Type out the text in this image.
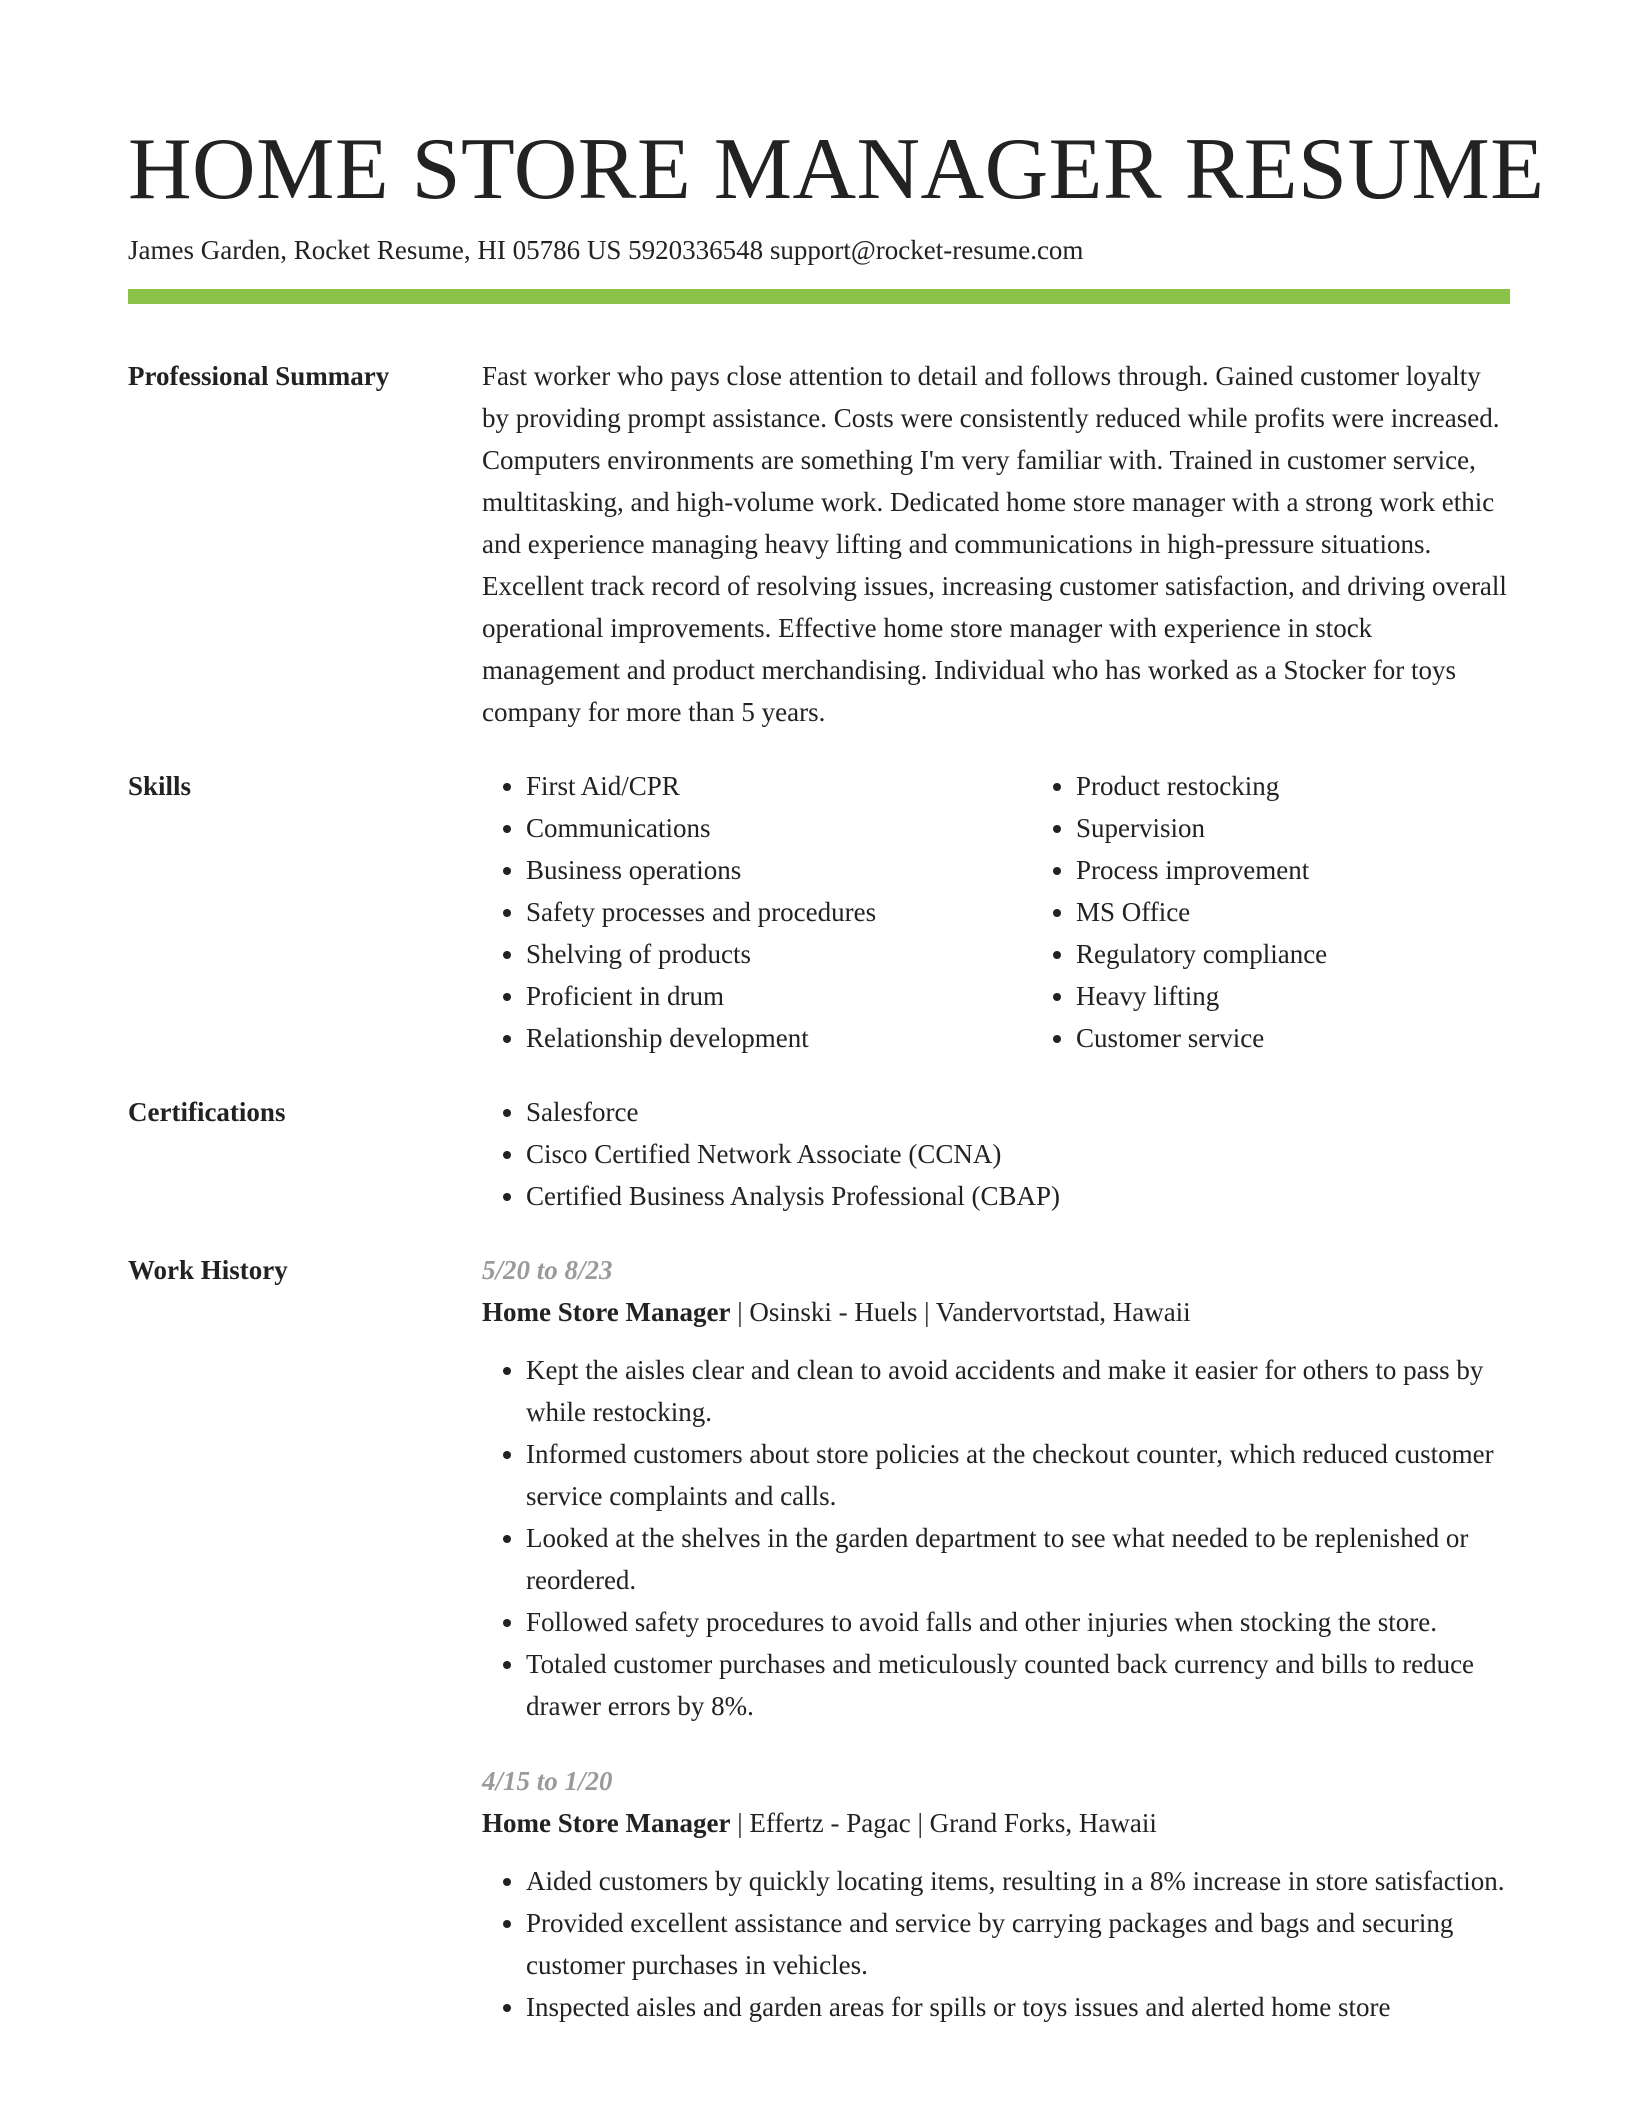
HOME STORE MANAGER RESUME
James Garden, Rocket Resume, HI 05786 US 5920336548 support@rocket-resume.com
Professional Summary	Fast worker who pays close attention to detail and follows through. Gained customer loyalty by providing prompt assistance. Costs were consistently reduced while profits were increased. Computers environments are something I'm very familiar with. Trained in customer service, multitasking, and high-volume work. Dedicated home store manager with a strong work ethic and experience managing heavy lifting and communications in high-pressure situations. Excellent track record of resolving issues, increasing customer satisfaction, and driving overall operational improvements. Effective home store manager with experience in stock management and product merchandising. Individual who has worked as a Stocker for toys company for more than 5 years.
Skills	• First Aid/CPR
• Communications
• Business operations
• Safety processes and procedures
• Shelving of products
• Proficient in drum
• Relationship development
• Product restocking
• Supervision
• Process improvement
• MS Office
• Regulatory compliance
• Heavy lifting
• Customer service
Certifications	• Salesforce
• Cisco Certified Network Associate (CCNA)
• Certified Business Analysis Professional (CBAP)
Work History	5/20 to 8/23
Home Store Manager | Osinski - Huels | Vandervortstad, Hawaii
• Kept the aisles clear and clean to avoid accidents and make it easier for others to pass by while restocking.
• Informed customers about store policies at the checkout counter, which reduced customer service complaints and calls.
• Looked at the shelves in the garden department to see what needed to be replenished or reordered.
• Followed safety procedures to avoid falls and other injuries when stocking the store.
• Totaled customer purchases and meticulously counted back currency and bills to reduce drawer errors by 8%.
4/15 to 1/20
Home Store Manager | Effertz - Pagac | Grand Forks, Hawaii
• Aided customers by quickly locating items, resulting in a 8% increase in store satisfaction.
• Provided excellent assistance and service by carrying packages and bags and securing customer purchases in vehicles.
• Inspected aisles and garden areas for spills or toys issues and alerted home store
